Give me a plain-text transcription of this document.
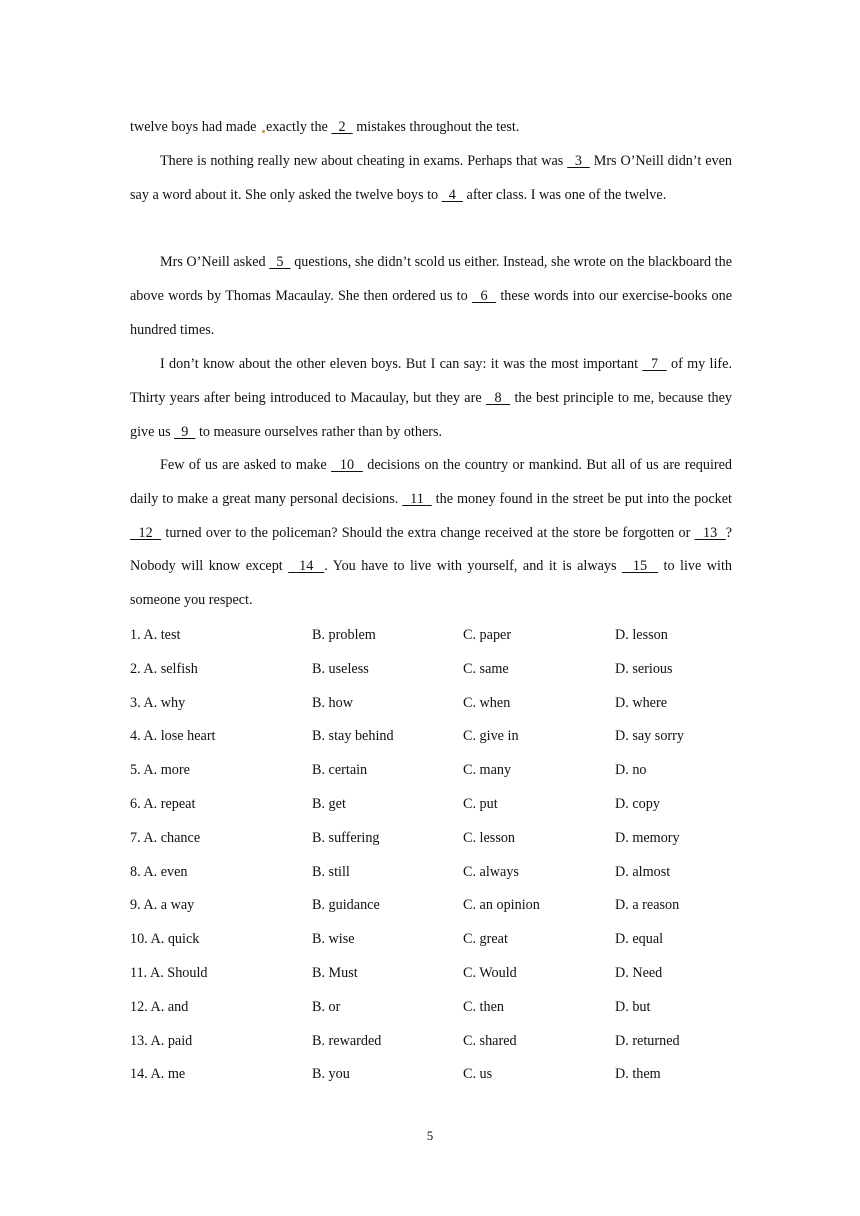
twelve boys had made exactly the   2   mistakes throughout the test.

There is nothing really new about cheating in exams. Perhaps that was   3   Mrs O’Neill didn’t even say a word about it. She only asked the twelve boys to   4   after class. I was one of the twelve.

Mrs O’Neill asked   5   questions, she didn’t scold us either. Instead, she wrote on the blackboard the above words by Thomas Macaulay. She then ordered us to   6   these words into our exercise-books one hundred times.

I don’t know about the other eleven boys. But I can say: it was the most important   7   of my life. Thirty years after being introduced to Macaulay, but they are   8   the best principle to me, because they give us   9   to measure ourselves rather than by others.

Few of us are asked to make   10   decisions on the country or mankind. But all of us are required daily to make a great many personal decisions.   11   the money found in the street be put into the pocket   12   turned over to the policeman? Should the extra change received at the store be forgotten or   13  ? Nobody will know except   14  . You have to live with yourself, and it is always   15   to live with someone you respect.

1. A. test	B. problem	C. paper	D. lesson
2. A. selfish	B. useless	C. same	D. serious
3. A. why	B. how	C. when	D. where
4. A. lose heart	B. stay behind	C. give in	D. say sorry
5. A. more	B. certain	C. many	D. no
6. A. repeat	B. get	C. put	D. copy
7. A. chance	B. suffering	C. lesson	D. memory
8. A. even	B. still	C. always	D. almost
9. A. a way	B. guidance	C. an opinion	D. a reason
10. A. quick	B. wise	C. great	D. equal
11. A. Should	B. Must	C. Would	D. Need
12. A. and	B. or	C. then	D. but
13. A. paid	B. rewarded	C. shared	D. returned
14. A. me	B. you	C. us	D. them
5
